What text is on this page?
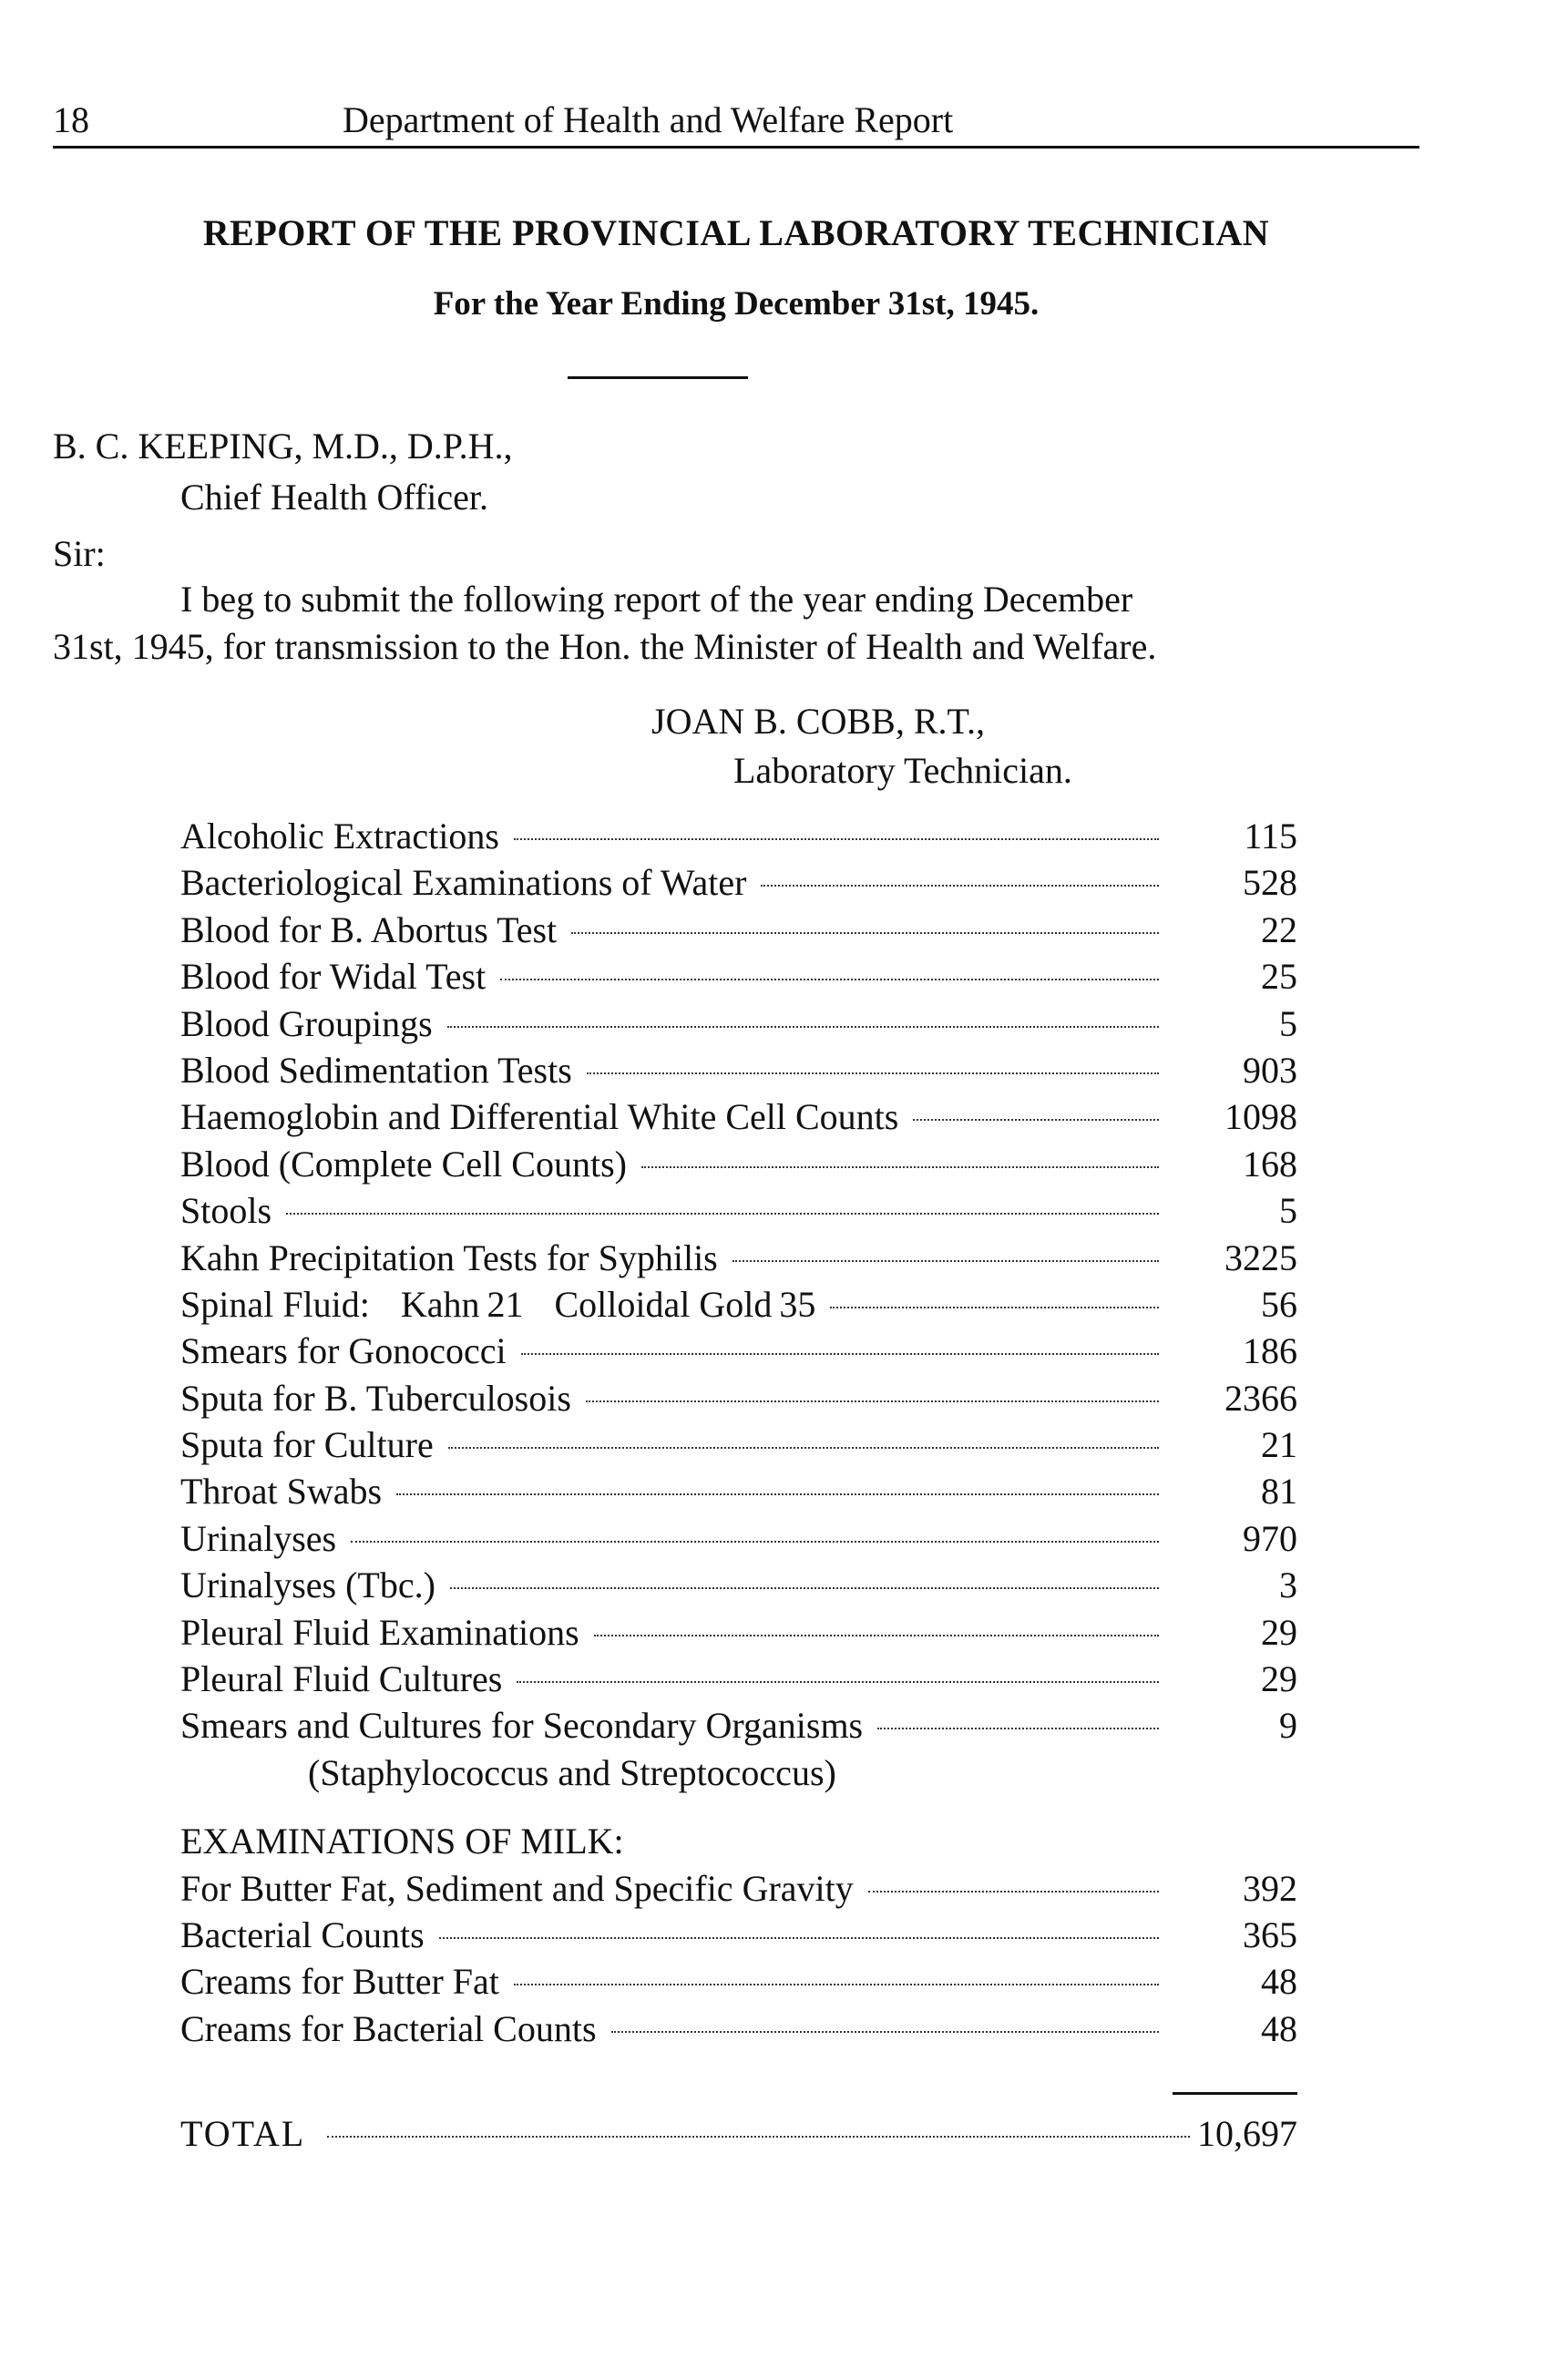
18	Department of Health and Welfare Report
REPORT OF THE PROVINCIAL LABORATORY TECHNICIAN
For the Year Ending December 31st, 1945.
B. C. KEEPING, M.D., D.P.H.,
Chief Health Officer.
Sir:
I beg to submit the following report of the year ending December
31st, 1945, for transmission to the Hon. the Minister of Health and Welfare.
JOAN B. COBB, R.T.,
Laboratory Technician.
Alcoholic Extractions	115
Bacteriological Examinations of Water	528
Blood for B. Abortus Test	22
Blood for Widal Test	25
Blood Groupings	5
Blood Sedimentation Tests	903
Haemoglobin and Differential White Cell Counts	1098
Blood (Complete Cell Counts)	168
Stools	5
Kahn Precipitation Tests for Syphilis	3225
Spinal Fluid: Kahn 21 Colloidal Gold 35	56
Smears for Gonococci	186
Sputa for B. Tuberculosois	2366
Sputa for Culture	21
Throat Swabs	81
Urinalyses	970
Urinalyses (Tbc.)	3
Pleural Fluid Examinations	29
Pleural Fluid Cultures	29
Smears and Cultures for Secondary Organisms	9
(Staphylococcus and Streptococcus)
EXAMINATIONS OF MILK:
For Butter Fat, Sediment and Specific Gravity	392
Bacterial Counts	365
Creams for Butter Fat	48
Creams for Bacterial Counts	48
TOTAL	10,697
